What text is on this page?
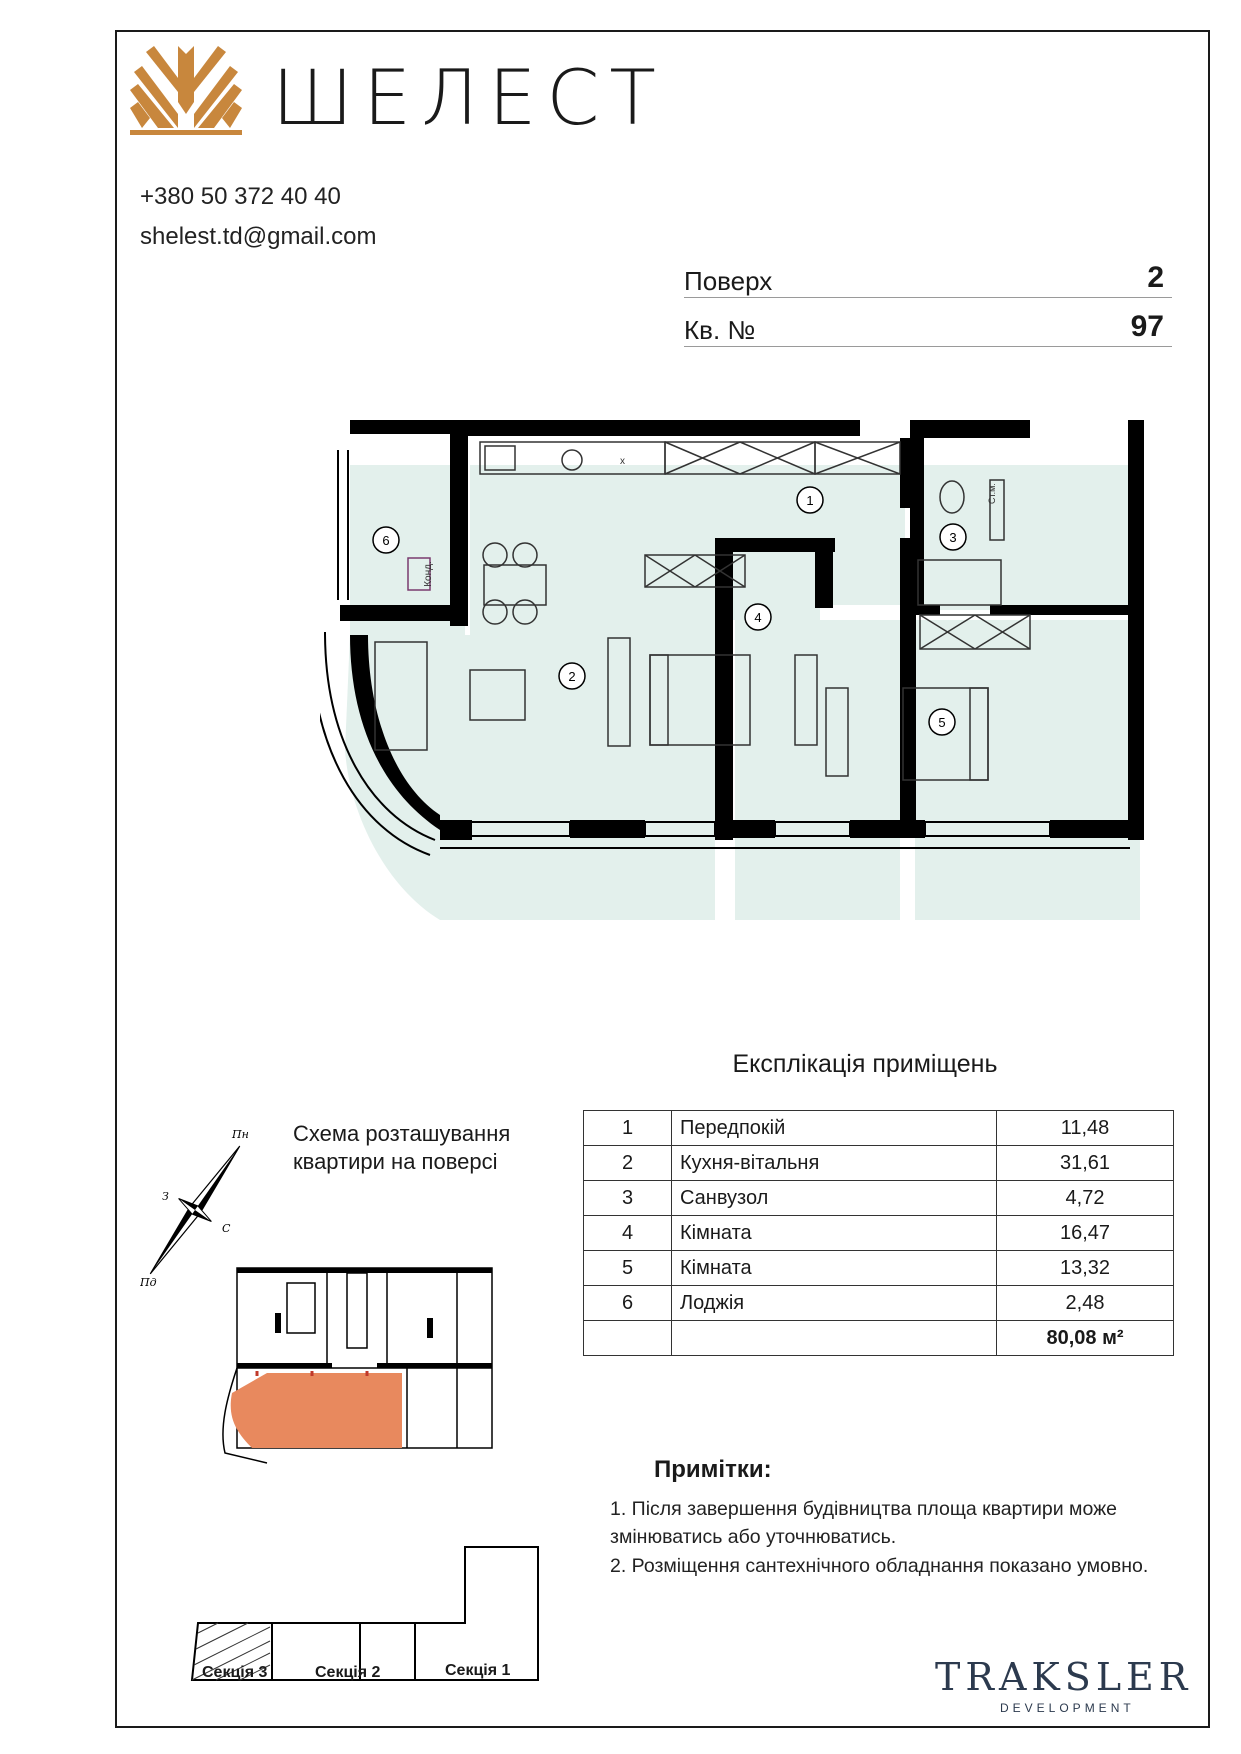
ШЕЛЕСТ
+380 50 372 40 40
shelest.td@gmail.com
Поверх	2
Кв. №	97
Конд.
Ст.м.
x
1
2
3
4
5
6
Експлікація приміщень
1	Передпокій	11,48
2	Кухня-вітальня	31,61
3	Санвузол	4,72
4	Кімната	16,47
5	Кімната	13,32
6	Лоджія	2,48
		80,08 м²
Схема розташування
квартири на поверсі
Пн
С
З
Пд
Примітки:
1. Після завершення будівництва площа квартири може змінюватись або уточнюватись.
2. Розміщення сантехнічного обладнання показано умовно.
Секція 3	Секція 2	Секція 1	TRAKSLER
DEVELOPMENT
